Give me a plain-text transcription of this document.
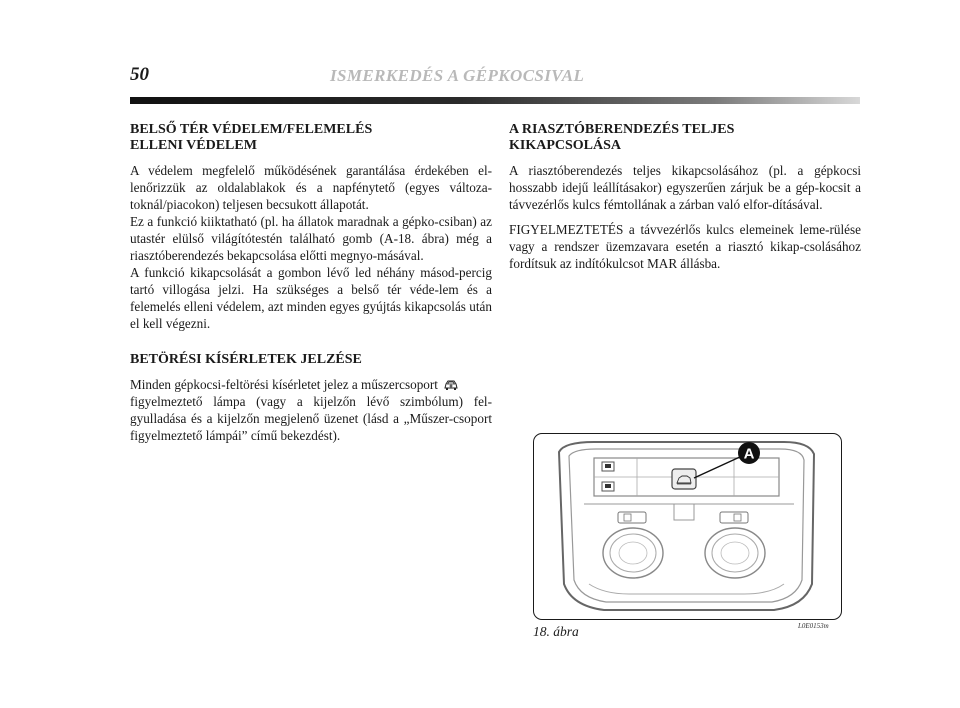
50	ISMERKEDÉS A GÉPKOCSIVAL
BELSŐ TÉR VÉDELEM/FELEMELÉS
ELLENI VÉDELEM

A védelem megfelelő működésének garantálása érdekében el-lenőrizzük az oldalablakok és a napfénytető (egyes változa-toknál/piacokon) teljesen becsukott állapotát.

Ez a funkció kiiktatható (pl. ha állatok maradnak a gépko-csiban) az utastér elülső világítótestén található gomb (A-18. ábra) még a riasztóberendezés bekapcsolása előtti megnyo-másával.

A funkció kikapcsolását a gombon lévő led néhány másod-percig tartó villogása jelzi. Ha szükséges a belső tér véde-lem és a felemelés elleni védelem, azt minden egyes gyújtás kikapcsolás után el kell végezni.

BETÖRÉSI KÍSÉRLETEK JELZÉSE

Minden gépkocsi-feltörési kísérletet jelez a műszercsoport
figyelmeztető lámpa (vagy a kijelzőn lévő szimbólum) fel-gyulladása és a kijelzőn megjelenő üzenet (lásd a „Műszer-csoport figyelmeztető lámpái” című bekezdést).

A RIASZTÓBERENDEZÉS TELJES
KIKAPCSOLÁSA

A riasztóberendezés teljes kikapcsolásához (pl. a gépkocsi hosszabb idejű leállításakor) egyszerűen zárjuk be a gép-kocsit a távvezérlős kulcs fémtollának a zárban való elfor-dításával.

FIGYELMEZTETÉS a távvezérlős kulcs elemeinek leme-rülése vagy a rendszer üzemzavara esetén a riasztó kikap-csolásához fordítsuk az indítókulcsot MAR állásba.

A
18. ábra	L0E0153m
